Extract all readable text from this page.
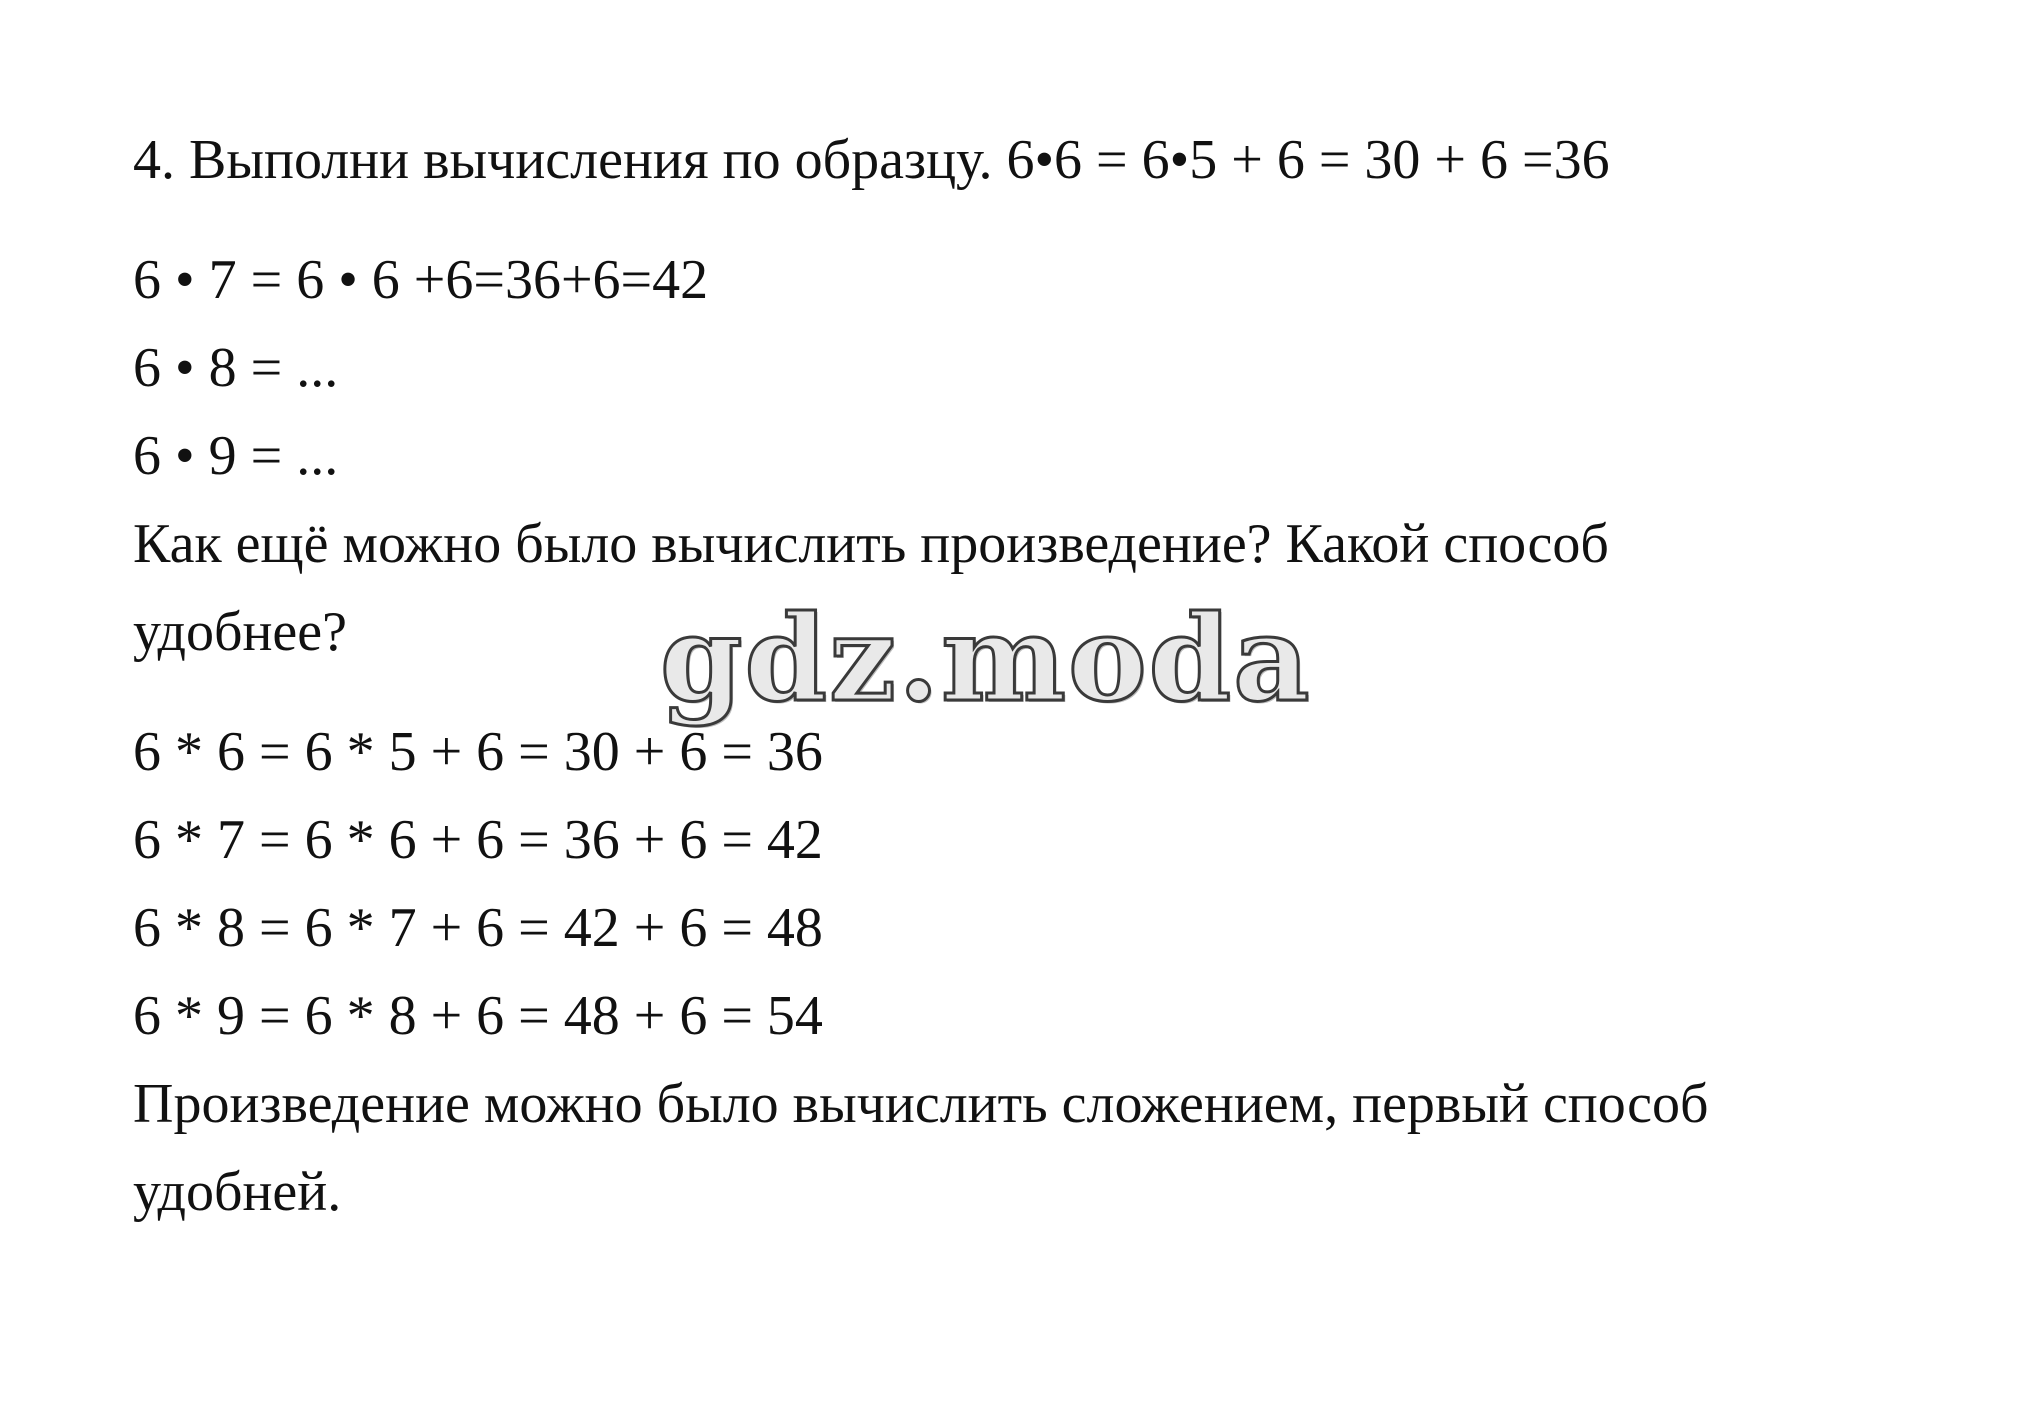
4. Выполни вычисления по образцу. 6•6 = 6•5 + 6 = 30 + 6 =36
6 • 7 = 6 • 6 +6=36+6=42
6 • 8 = ...
6 • 9 = ...
Как ещё можно было вычислить произведение? Какой способ
удобнее?
6 * 6 = 6 * 5 + 6 = 30 + 6 = 36
6 * 7 = 6 * 6 + 6 = 36 + 6 = 42
6 * 8 = 6 * 7 + 6 = 42 + 6 = 48
6 * 9 = 6 * 8 + 6 = 48 + 6 = 54
Произведение можно было вычислить сложением, первый способ
удобней.
gdz.moda
